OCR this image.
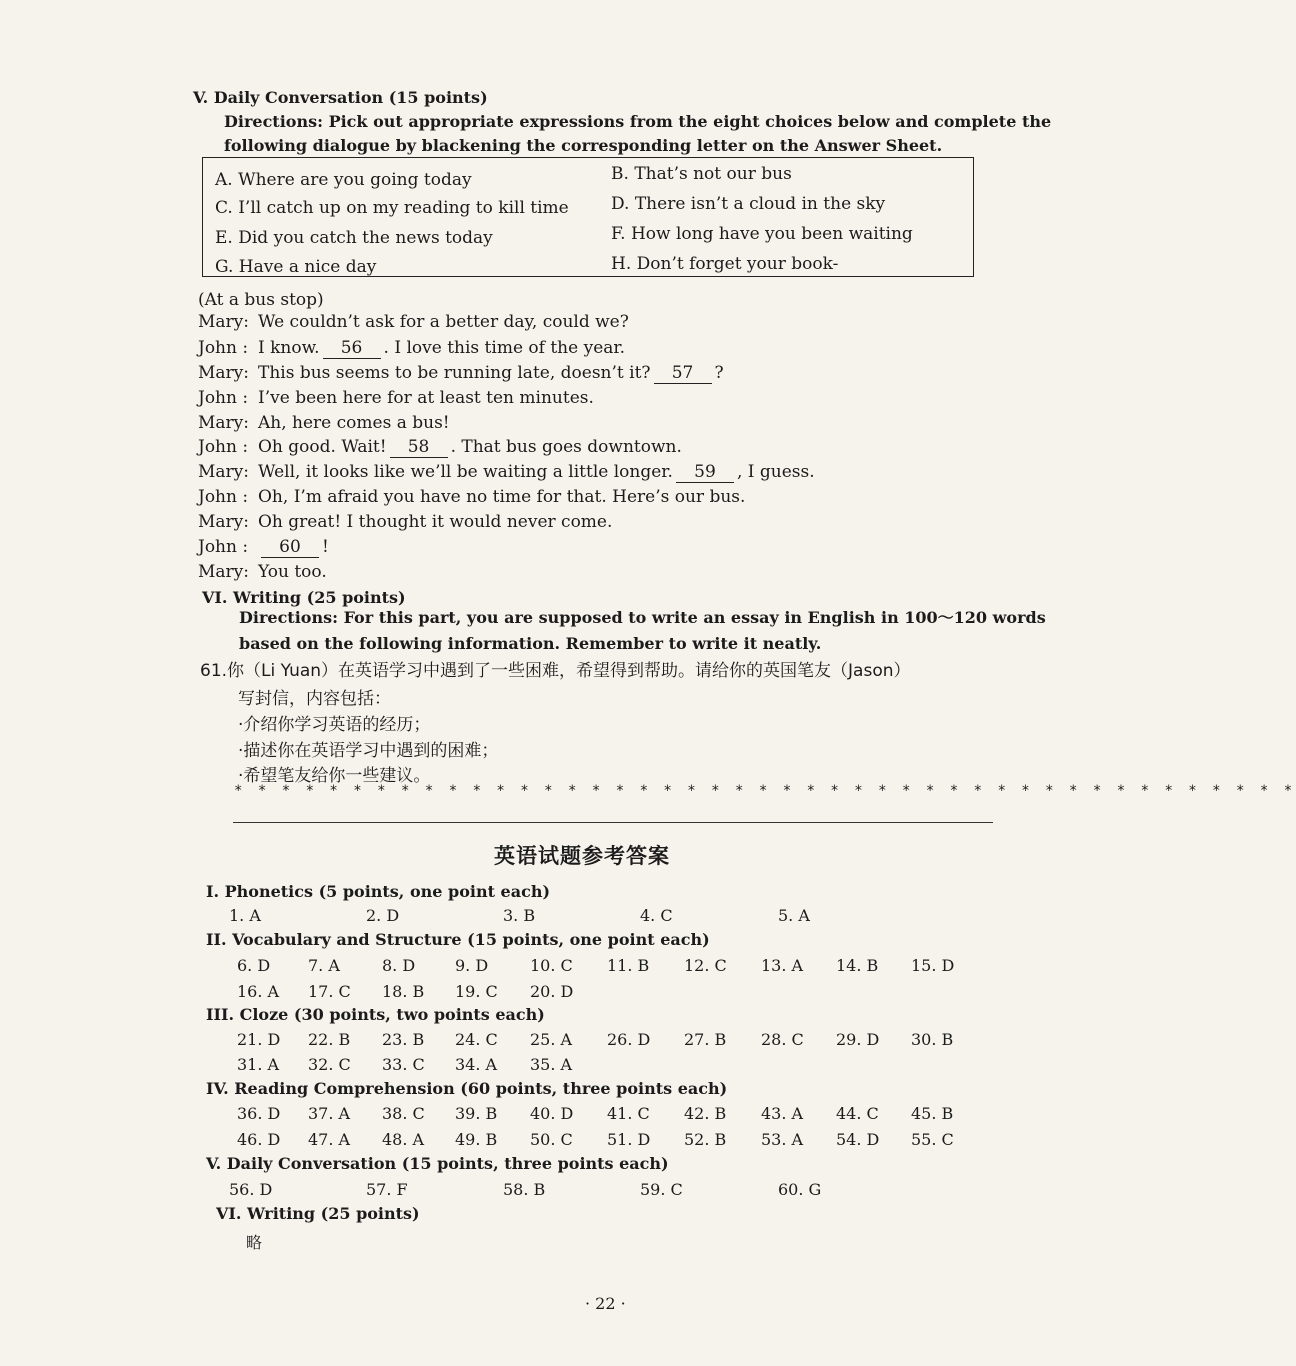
V. Daily Conversation (15 points)
Directions: Pick out appropriate expressions from the eight choices below and complete the
following dialogue by blackening the corresponding letter on the Answer Sheet.
A. Where are you going today	B. That’s not our bus
C. I’ll catch up on my reading to kill time D. There isn’t a cloud in the sky
E. Did you catch the news today	F. How long have you been waiting
G. Have a nice day	H. Don’t forget your book-
(At a bus stop)
Mary: We couldn’t ask for a better day, could we?
John : I know. 56 . I love this time of the year.
Mary: This bus seems to be running late, doesn’t it? 57 ?
John : I’ve been here for at least ten minutes.
Mary: Ah, here comes a bus!
John : Oh good. Wait! 58 . That bus goes downtown.
Mary: Well, it looks like we’ll be waiting a little longer. 59 , I guess.
John : Oh, I’m afraid you have no time for that. Here’s our bus.
Mary: Oh great! I thought it would never come.
John : 60 !
Mary: You too.
VI. Writing (25 points)
Directions: For this part, you are supposed to write an essay in English in 100～120 words
based on the following information. Remember to write it neatly.
61.你（Li Yuan）在英语学习中遇到了一些困难，希望得到帮助。请给你的英国笔友（Jason）
写封信，内容包括：
·介绍你学习英语的经历；
·描述你在英语学习中遇到的困难；
·希望笔友给你一些建议。
* * * * * * * * * * * * * * * * * * * * * * * * * * * * * * * * * * * * * * * * * * * * *
英语试题参考答案
I. Phonetics (5 points, one point each)
1. A	2. D	3. B	4. C	5. A
II. Vocabulary and Structure (15 points, one point each)
6. D 7. A	8. D 9. D	10. C 11. B 12. C 13. A 14. B 15. D
16. A 17. C 18. B 19. C 20. D
III. Cloze (30 points, two points each)
21. D 22. B 23. B 24. C 25. A 26. D 27. B 28. C 29. D 30. B
31. A 32. C 33. C 34. A 35. A
IV. Reading Comprehension (60 points, three points each)
36. D 37. A 38. C 39. B 40. D 41. C 42. B 43. A 44. C 45. B
46. D 47. A 48. A 49. B 50. C 51. D 52. B 53. A 54. D 55. C
V. Daily Conversation (15 points, three points each)
56. D	57. F	58. B	59. C	60. G
VI. Writing (25 points)
略
· 22 ·
